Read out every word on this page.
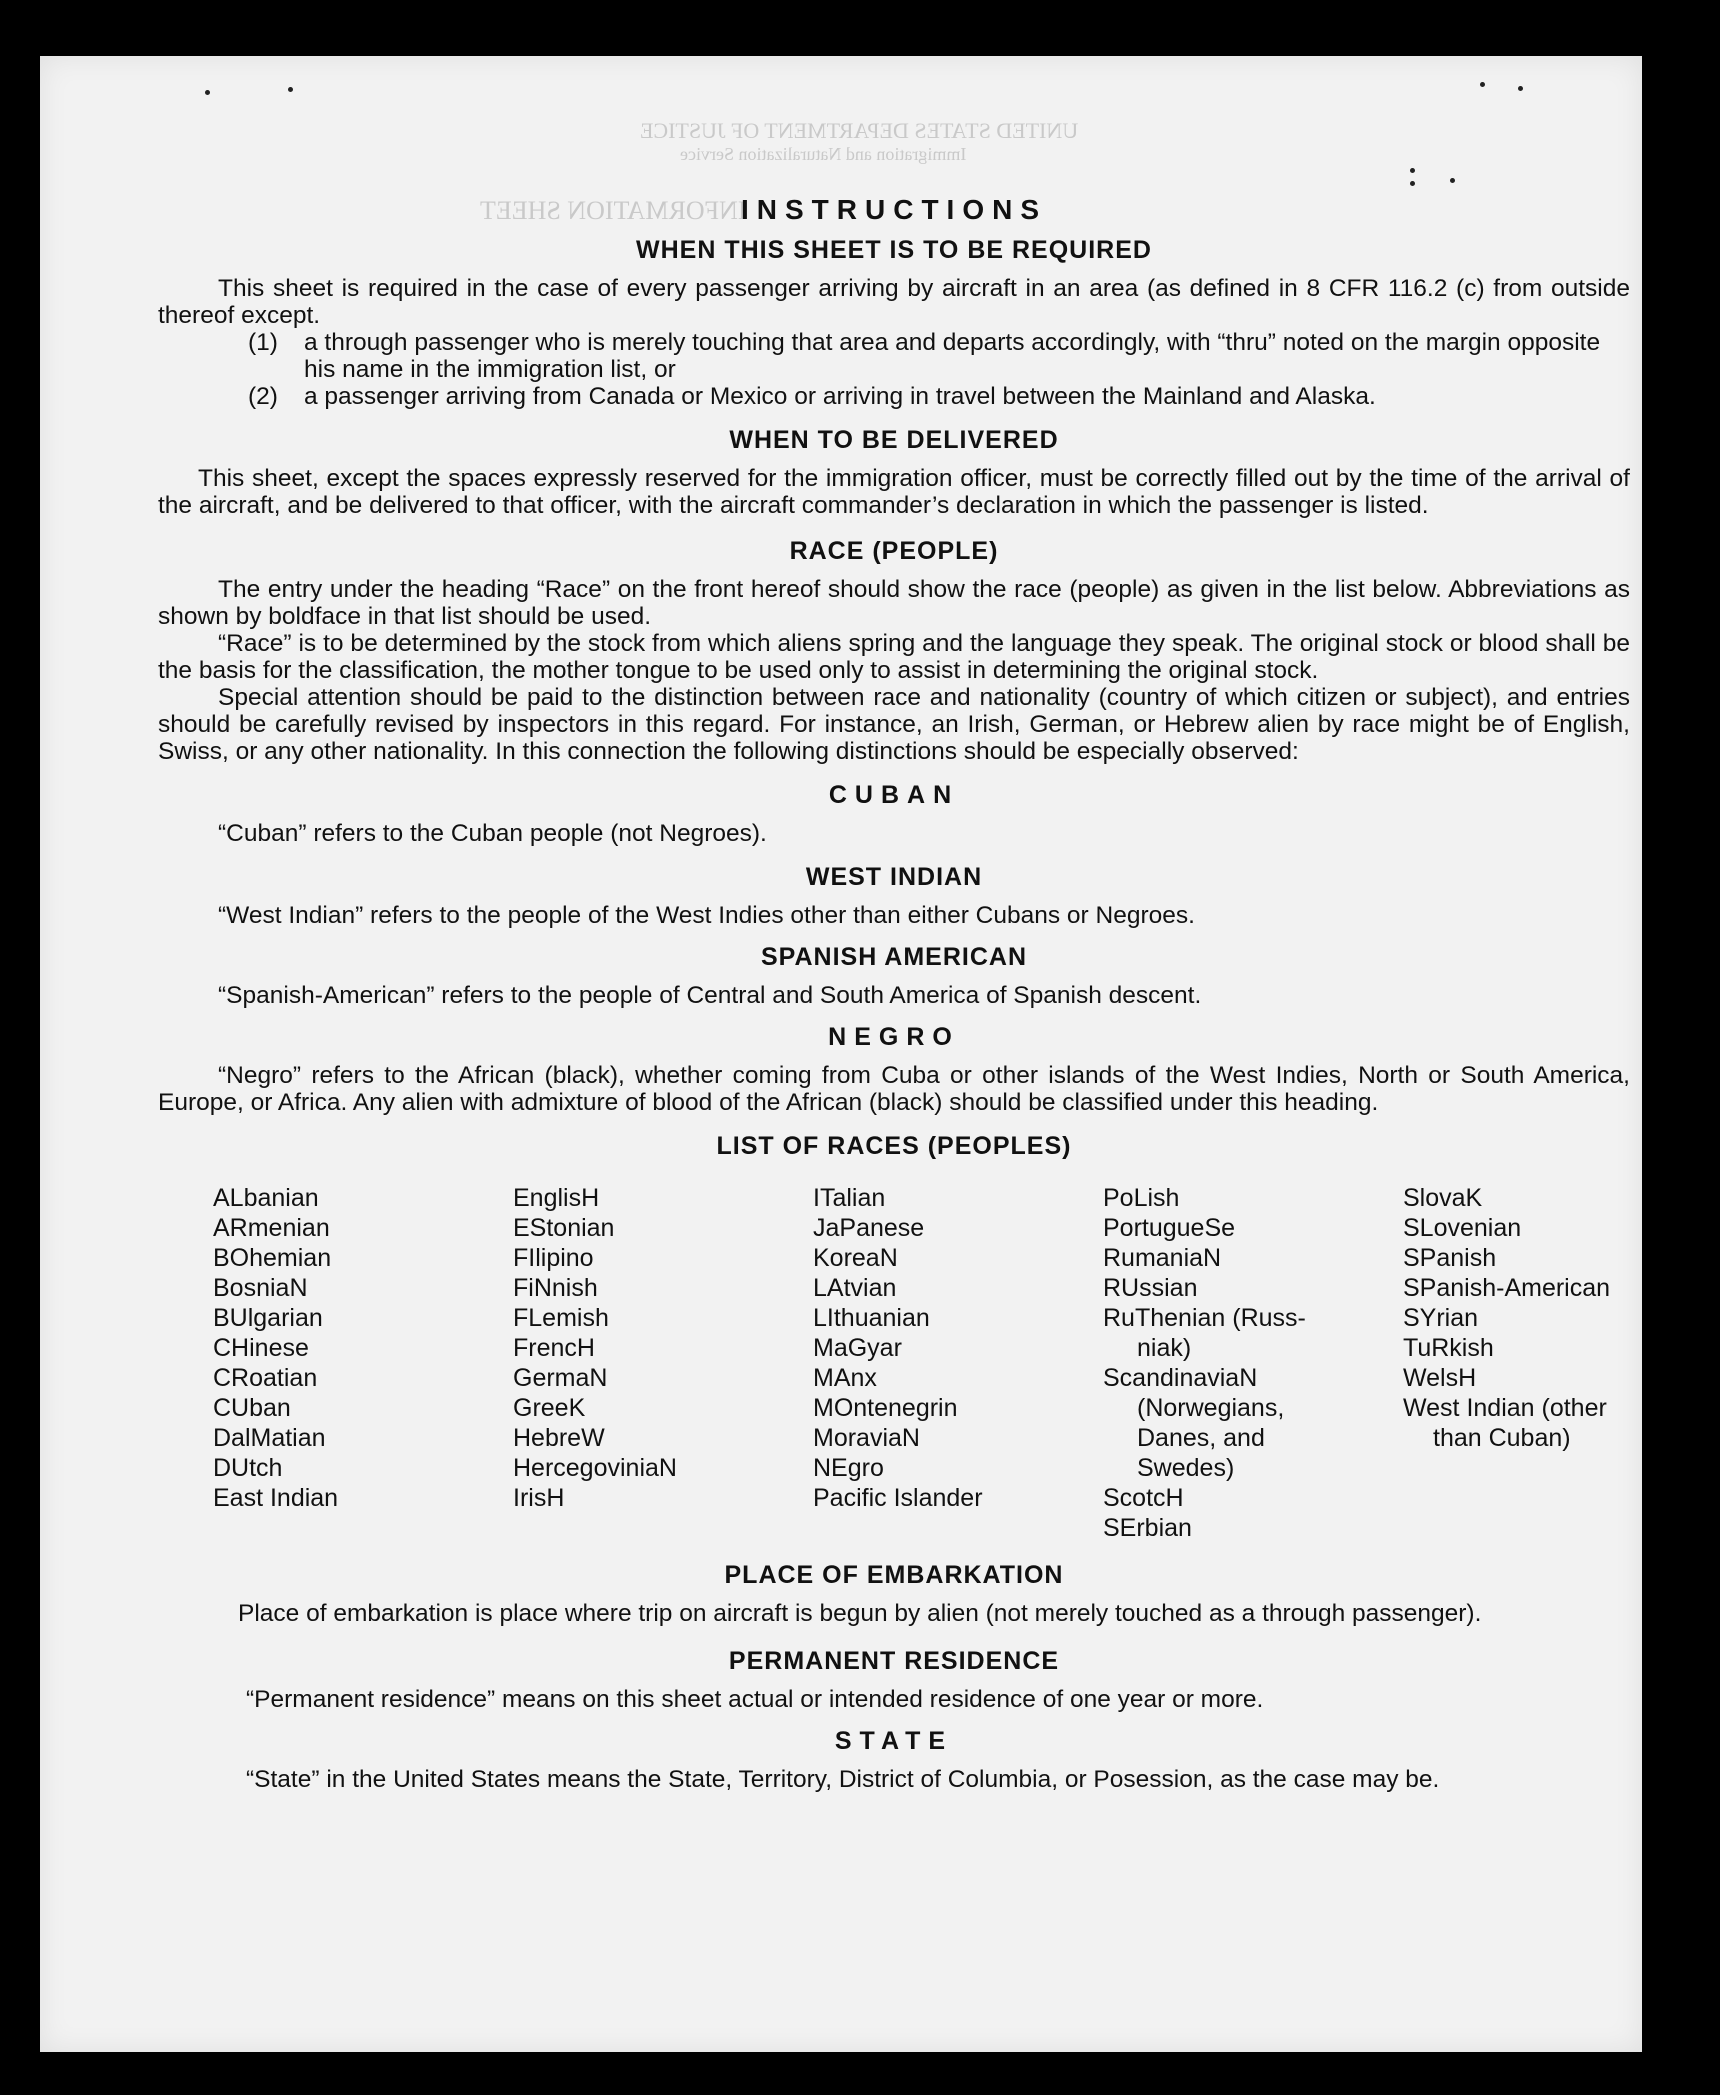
UNITED STATES DEPARTMENT OF JUSTICE
Immigration and Naturalization Service
INFORMATION SHEET
INSTRUCTIONS
WHEN THIS SHEET IS TO BE REQUIRED

This sheet is required in the case of every passenger arriving by aircraft in an area (as defined in 8 CFR 116.2 (c) from outside thereof except.

(1)	a through passenger who is merely touching that area and departs accordingly, with “thru” noted on the margin opposite his name in the immigration list, or
(2)	a passenger arriving from Canada or Mexico or arriving in travel between the Mainland and Alaska.
WHEN TO BE DELIVERED

This sheet, except the spaces expressly reserved for the immigration officer, must be correctly filled out by the time of the arrival of the aircraft, and be delivered to that officer, with the aircraft commander’s declaration in which the passenger is listed.

RACE (PEOPLE)

The entry under the heading “Race” on the front hereof should show the race (people) as given in the list below. Abbreviations as shown by boldface in that list should be used.

“Race” is to be determined by the stock from which aliens spring and the language they speak. The original stock or blood shall be the basis for the classification, the mother tongue to be used only to assist in determining the original stock.

Special attention should be paid to the distinction between race and nationality (country of which citizen or subject), and entries should be carefully revised by inspectors in this regard. For instance, an Irish, German, or Hebrew alien by race might be of English, Swiss, or any other nationality. In this connection the following distinctions should be especially observed:

CUBAN

“Cuban” refers to the Cuban people (not Negroes).

WEST INDIAN

“West Indian” refers to the people of the West Indies other than either Cubans or Negroes.

SPANISH AMERICAN

“Spanish-American” refers to the people of Central and South America of Spanish descent.

NEGRO

“Negro” refers to the African (black), whether coming from Cuba or other islands of the West Indies, North or South America, Europe, or Africa. Any alien with admixture of blood of the African (black) should be classified under this heading.

LIST OF RACES (PEOPLES)
ALbanian
ARmenian
BOhemian
BosniaN
BUlgarian
CHinese
CRoatian
CUban
DalMatian
DUtch
East Indian
EnglisH
EStonian
FIlipino
FiNnish
FLemish
FrencH
GermaN
GreeK
HebreW
HercegoviniaN
IrisH
ITalian
JaPanese
KoreaN
LAtvian
LIthuanian
MaGyar
MAnx
MOntenegrin
MoraviaN
NEgro
Pacific Islander
PoLish
PortugueSe
RumaniaN
RUssian
RuThenian (Russ-
niak)
ScandinaviaN
(Norwegians,
Danes, and
Swedes)
ScotcH
SErbian
SlovaK
SLovenian
SPanish
SPanish-American
SYrian
TuRkish
WelsH
West Indian (other
than Cuban)
PLACE OF EMBARKATION

Place of embarkation is place where trip on aircraft is begun by alien (not merely touched as a through passenger).

PERMANENT RESIDENCE

“Permanent residence” means on this sheet actual or intended residence of one year or more.

STATE

“State” in the United States means the State, Territory, District of Columbia, or Posession, as the case may be.
